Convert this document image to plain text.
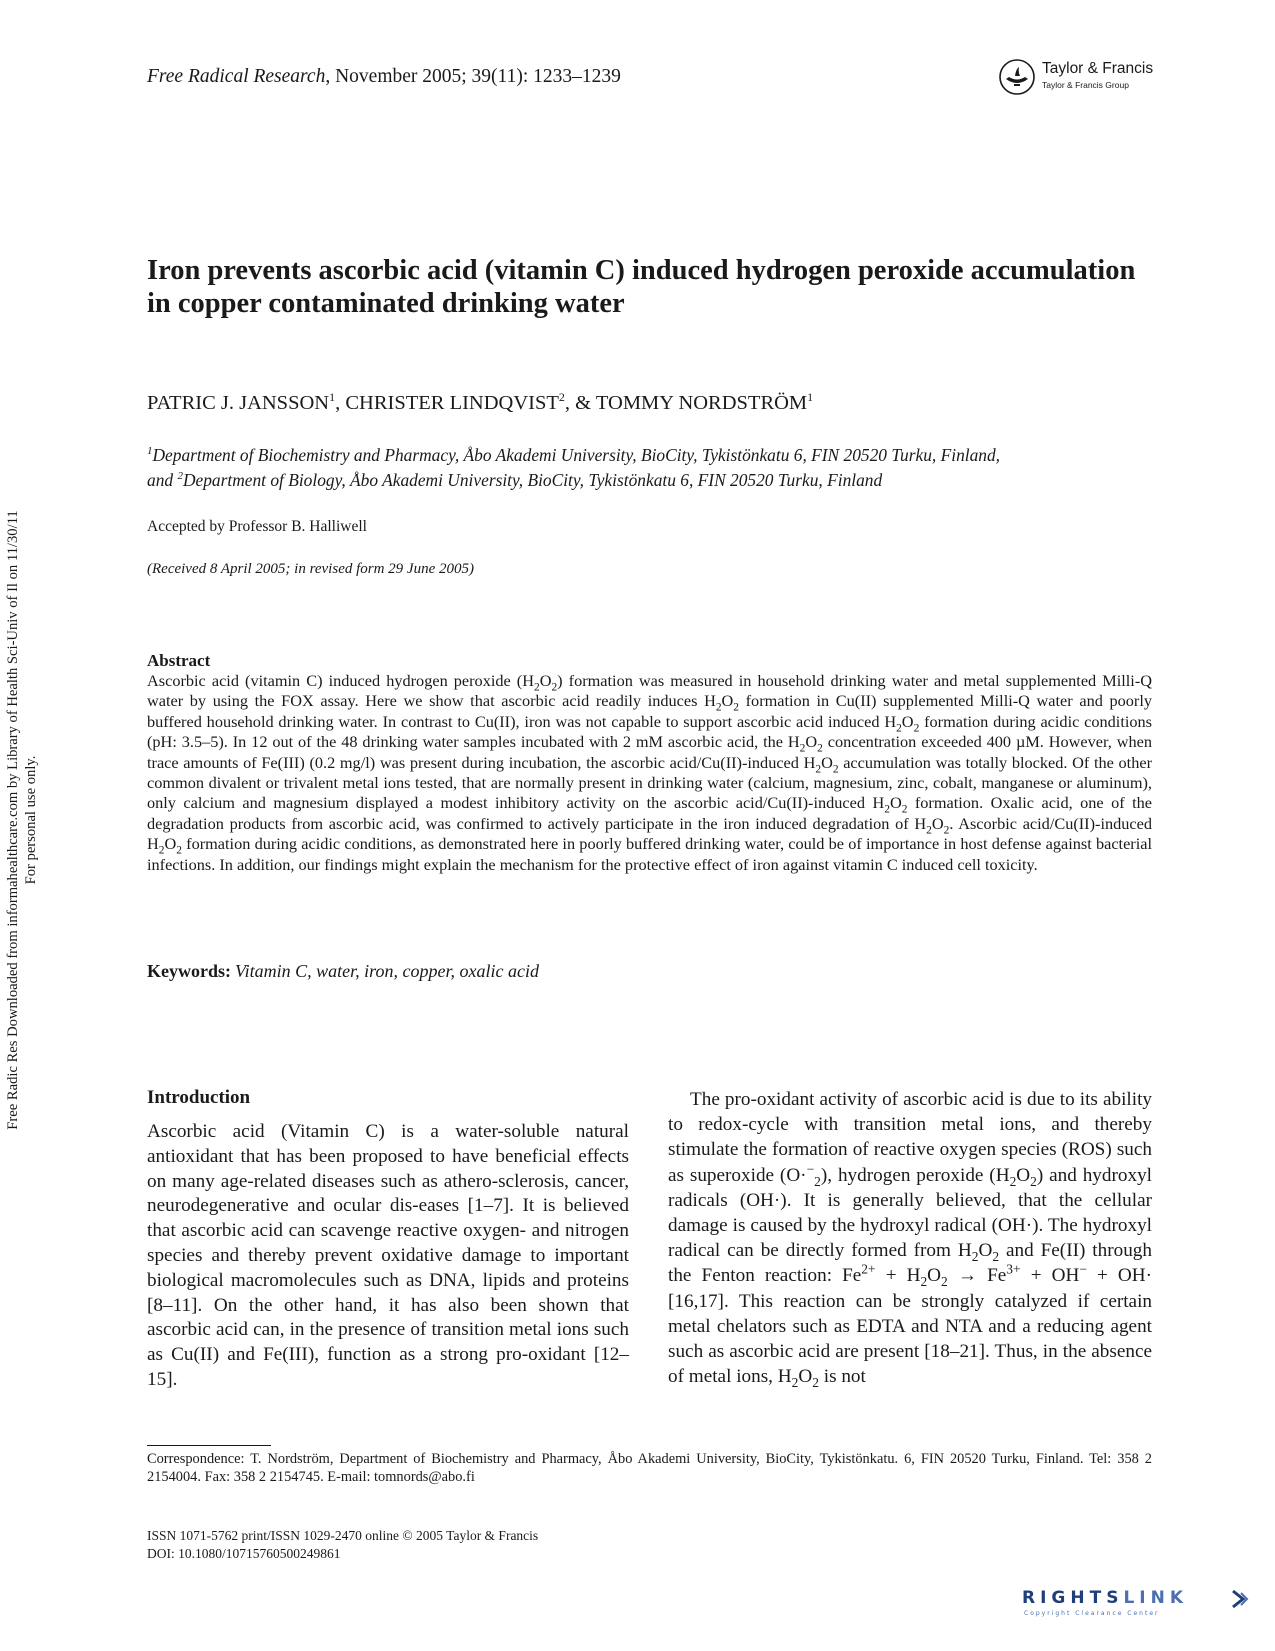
Free Radical Research, November 2005; 39(11): 1233–1239	Taylor & Francis
Taylor & Francis Group
Iron prevents ascorbic acid (vitamin C) induced hydrogen peroxide accumulation in copper contaminated drinking water
PATRIC J. JANSSON$^1$, CHRISTER LINDQVIST$^2$, & TOMMY NORDSTRÖM$^1$
$^1$Department of Biochemistry and Pharmacy, Åbo Akademi University, BioCity, Tykistönkatu 6, FIN 20520 Turku, Finland,
and $^2$Department of Biology, Åbo Akademi University, BioCity, Tykistönkatu 6, FIN 20520 Turku, Finland
Accepted by Professor B. Halliwell
(Received 8 April 2005; in revised form 29 June 2005)
Abstract
Ascorbic acid (vitamin C) induced hydrogen peroxide $(H_2O_2)$ formation was measured in household drinking water and metal supplemented Milli-Q water by using the FOX assay. Here we show that ascorbic acid readily induces $H_2O_2$ formation in Cu(II) supplemented Milli-Q water and poorly buffered household drinking water. In contrast to Cu(II), iron was not capable to support ascorbic acid induced $H_2O_2$ formation during acidic conditions (pH: 3.5–5). In 12 out of the 48 drinking water samples incubated with 2 mM ascorbic acid, the $H_2O_2$ concentration exceeded 400 µM. However, when trace amounts of Fe(III) (0.2 mg/l) was present during incubation, the ascorbic acid/Cu(II)-induced $H_2O_2$ accumulation was totally blocked. Of the other common divalent or trivalent metal ions tested, that are normally present in drinking water (calcium, magnesium, zinc, cobalt, manganese or aluminum), only calcium and magnesium displayed a modest inhibitory activity on the ascorbic acid/Cu(II)-induced $H_2O_2$ formation. Oxalic acid, one of the degradation products from ascorbic acid, was confirmed to actively participate in the iron induced degradation of $H_2O_2$. Ascorbic acid/Cu(II)-induced $H_2O_2$ formation during acidic conditions, as demonstrated here in poorly buffered drinking water, could be of importance in host defense against bacterial infections. In addition, our findings might explain the mechanism for the protective effect of iron against vitamin C induced cell toxicity.
Keywords: Vitamin C, water, iron, copper, oxalic acid
Introduction
Ascorbic acid (Vitamin C) is a water-soluble natural antioxidant that has been proposed to have beneficial effects on many age-related diseases such as athero-sclerosis, cancer, neurodegenerative and ocular dis-eases [1–7]. It is believed that ascorbic acid can scavenge reactive oxygen- and nitrogen species and thereby prevent oxidative damage to important biological macromolecules such as DNA, lipids and proteins [8–11]. On the other hand, it has also been shown that ascorbic acid can, in the presence of transition metal ions such as Cu(II) and Fe(III), function as a strong pro-oxidant [12–15].
The pro-oxidant activity of ascorbic acid is due to its ability to redox-cycle with transition metal ions, and thereby stimulate the formation of reactive oxygen species (ROS) such as superoxide $(O\cdot^-_2)$, hydrogen peroxide $(H_2O_2)$ and hydroxyl radicals (OH·). It is generally believed, that the cellular damage is caused by the hydroxyl radical (OH·). The hydroxyl radical can be directly formed from $H_2O_2$ and Fe(II) through the Fenton reaction: $Fe^{2+} + H_2O_2 \to Fe^{3+} + OH^- + OH\cdot [16,17]$. This reaction can be strongly catalyzed if certain metal chelators such as EDTA and NTA and a reducing agent such as ascorbic acid are present [18–21]. Thus, in the absence of metal ions, $H_2O_2$ is not
Correspondence: T. Nordström, Department of Biochemistry and Pharmacy, Åbo Akademi University, BioCity, Tykistönkatu. 6, FIN 20520 Turku, Finland. Tel: 358 2 2154004. Fax: 358 2 2154745. E-mail: tomnords@abo.fi
ISSN 1071-5762 print/ISSN 1029-2470 online © 2005 Taylor & Francis
DOI: 10.1080/10715760500249861
Free Radic Res Downloaded from informahealthcare.com by Library of Health Sci-Univ of Il on 11/30/11 For personal use only.
RIGHTSLINK
Copyright Clearance Center
